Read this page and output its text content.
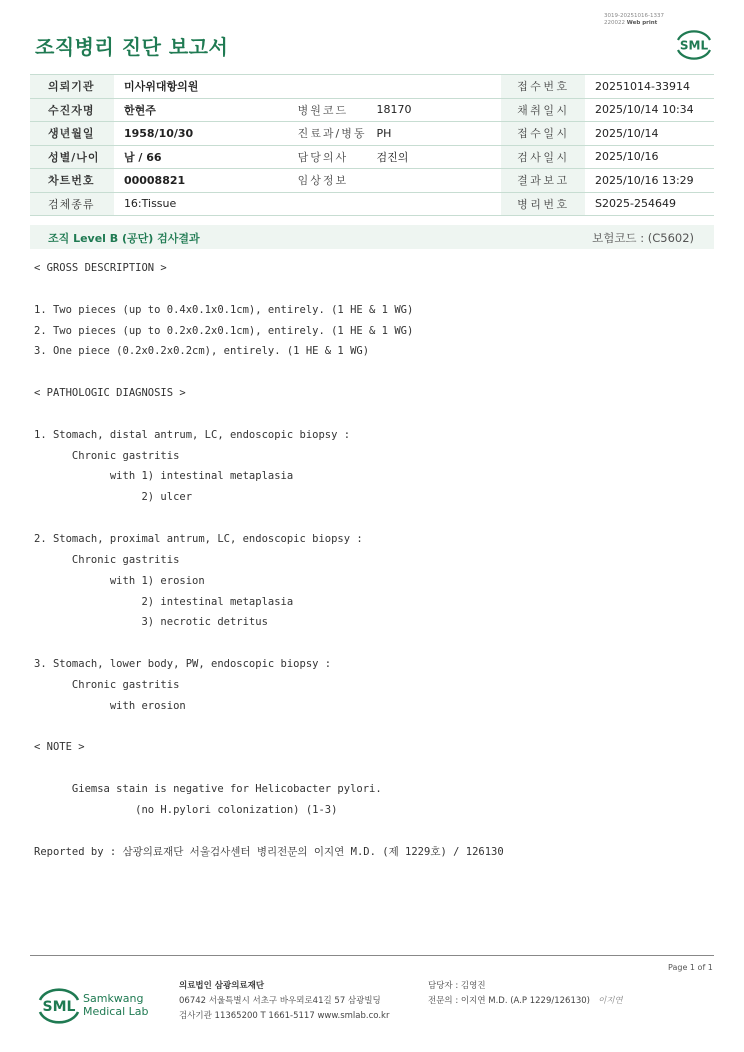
3019-20251016-1337
220022 Web print
조직병리 진단 보고서	SML
의뢰기관	미사위대항의원			접수번호	20251014-33914
수진자명	한현주	병원코드	18170	채취일시	2025/10/14 10:34
생년월일	1958/10/30	진료과/병동	PH	접수일시	2025/10/14
성별/나이	남 / 66	담당의사	검진의	검사일시	2025/10/16
차트번호	00008821	임상정보		결과보고	2025/10/16 13:29
검체종류	16:Tissue			병리번호	S2025-254649
조직 Level B (공단) 검사결과	보험코드 : (C5602)
< GROSS DESCRIPTION >
1. Two pieces (up to 0.4x0.1x0.1cm), entirely. (1 HE & 1 WG)
2. Two pieces (up to 0.2x0.2x0.1cm), entirely. (1 HE & 1 WG)
3. One piece (0.2x0.2x0.2cm), entirely. (1 HE & 1 WG)
< PATHOLOGIC DIAGNOSIS >
1. Stomach, distal antrum, LC, endoscopic biopsy :
Chronic gastritis
with 1) intestinal metaplasia
2) ulcer
2. Stomach, proximal antrum, LC, endoscopic biopsy :
Chronic gastritis
with 1) erosion
2) intestinal metaplasia
3) necrotic detritus
3. Stomach, lower body, PW, endoscopic biopsy :
Chronic gastritis
with erosion
< NOTE >
Giemsa stain is negative for Helicobacter pylori.
(no H.pylori colonization) (1-3)
Reported by : 삼광의료재단 서울검사센터 병리전문의 이지연 M.D. (제 1229호) / 126130
Page 1 of 1
SML
Samkwang
Medical Lab
의료법인 삼광의료재단
06742 서울특별시 서초구 바우뫼로41길 57 삼광빌딩
검사기관 11365200 T 1661-5117 www.smlab.co.kr
담당자 : 김영진
전문의 : 이지연 M.D. (A.P 1229/126130) 이지연
